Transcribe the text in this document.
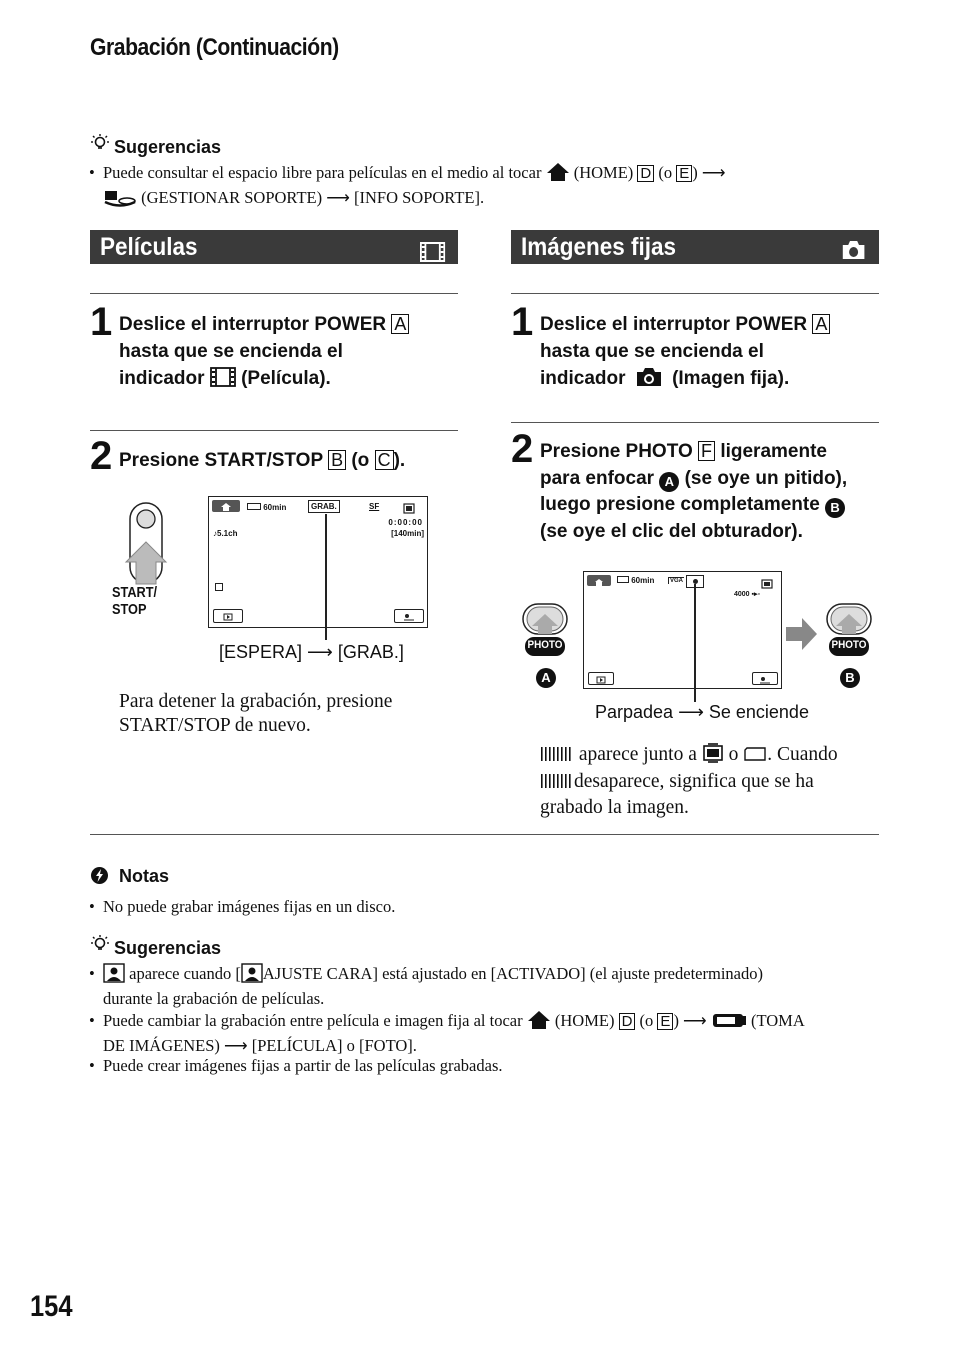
Grabación (Continuación)
Sugerencias
• Puede consultar el espacio libre para películas en el medio al tocar (HOME) D (o E ) ⟶
(GESTIONAR SOPORTE) ⟶ [INFO SOPORTE].
Películas
1 Deslice el interruptor POWER A
hasta que se encienda el
indicador (Película).
2 Presione START/STOP B (o C ).
START/
STOP
60min	GRAB.	SF
0:00:00
[140min]
♪5.1ch
[ESPERA] ⟶ [GRAB.]
Para detener la grabación, presione
START/STOP de nuevo.
Imágenes fijas
1 Deslice el interruptor POWER A
hasta que se encienda el
indicador (Imagen fija).
2 Presione PHOTO F ligeramente
para enfocar A (se oye un pitido),
luego presione completamente B
(se oye el clic del obturador).
PHOTO
A
60min	VGA
4000 ▪▸▫
PHOTO
B
Parpadea ⟶ Se enciende
aparece junto a o . Cuando
desaparece, significa que se ha
grabado la imagen.
Notas
• No puede grabar imágenes fijas en un disco.
Sugerencias
• aparece cuando [ AJUSTE CARA] está ajustado en [ACTIVADO] (el ajuste predeterminado)
durante la grabación de películas.
• Puede cambiar la grabación entre película e imagen fija al tocar (HOME) D (o E ) ⟶	(TOMA
DE IMÁGENES) ⟶ [PELÍCULA] o [FOTO].
• Puede crear imágenes fijas a partir de las películas grabadas.
154
